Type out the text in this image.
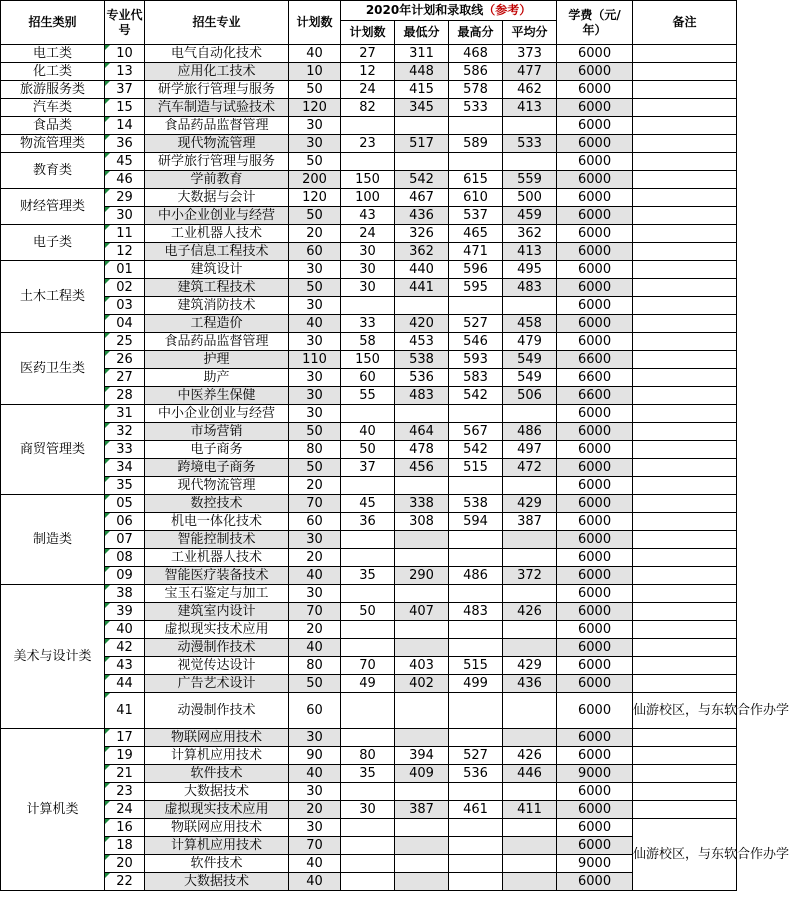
招生类别	专业代号	招生专业	计划数	2020年计划和录取线（参考）				学费（元/年）	备注
				计划数	最低分	最高分	平均分		
电工类	10	电气自动化技术	40	27	311	468	373	6000	
化工类	13	应用化工技术	10	12	448	586	477	6000	
旅游服务类	37	研学旅行管理与服务	50	24	415	578	462	6000	
汽车类	15	汽车制造与试验技术	120	82	345	533	413	6000	
食品类	14	食品药品监督管理	30					6000	
物流管理类	36	现代物流管理	30	23	517	589	533	6000	
教育类	45	研学旅行管理与服务	50					6000	
	46	学前教育	200	150	542	615	559	6000	
财经管理类	29	大数据与会计	120	100	467	610	500	6000	
	30	中小企业创业与经营	50	43	436	537	459	6000	
电子类	11	工业机器人技术	20	24	326	465	362	6000	
	12	电子信息工程技术	60	30	362	471	413	6000	
土木工程类	01	建筑设计	30	30	440	596	495	6000	
	02	建筑工程技术	50	30	441	595	483	6000	
	03	建筑消防技术	30					6000	
	04	工程造价	40	33	420	527	458	6000	
医药卫生类	25	食品药品监督管理	30	58	453	546	479	6000	
	26	护理	110	150	538	593	549	6600	
	27	助产	30	60	536	583	549	6600	
	28	中医养生保健	30	55	483	542	506	6600	
商贸管理类	31	中小企业创业与经营	30					6000	
	32	市场营销	50	40	464	567	486	6000	
	33	电子商务	80	50	478	542	497	6000	
	34	跨境电子商务	50	37	456	515	472	6000	
	35	现代物流管理	20					6000	
制造类	05	数控技术	70	45	338	538	429	6000	
	06	机电一体化技术	60	36	308	594	387	6000	
	07	智能控制技术	30					6000	
	08	工业机器人技术	20					6000	
	09	智能医疗装备技术	40	35	290	486	372	6000	
美术与设计类	38	宝玉石鉴定与加工	30					6000	
	39	建筑室内设计	70	50	407	483	426	6000	
	40	虚拟现实技术应用	20					6000	
	42	动漫制作技术	40					6000	
	43	视觉传达设计	80	70	403	515	429	6000	
	44	广告艺术设计	50	49	402	499	436	6000	
	41	动漫制作技术	60					6000	仙游校区，与东软合作办学
计算机类	17	物联网应用技术	30					6000	
	19	计算机应用技术	90	80	394	527	426	6000	
	21	软件技术	40	35	409	536	446	9000	
	23	大数据技术	30					6000	
	24	虚拟现实技术应用	20	30	387	461	411	6000	
	16	物联网应用技术	30					6000	仙游校区，与东软合作办学
	18	计算机应用技术	70					6000	
	20	软件技术	40					9000	
	22	大数据技术	40					6000	
